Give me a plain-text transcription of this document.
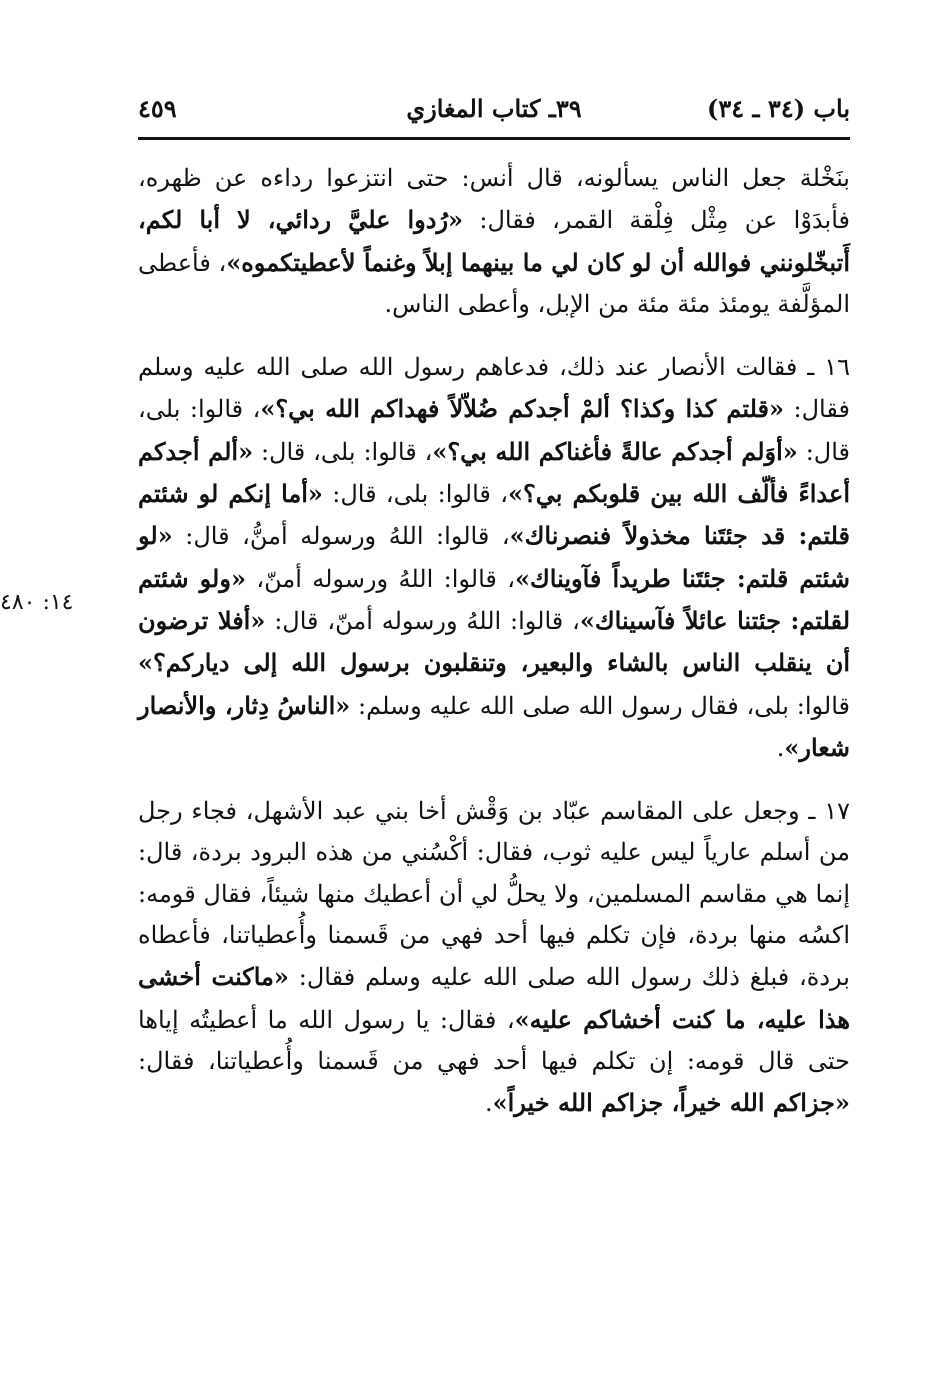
باب (٣٤ ـ ٣٤)
٣٩ـ كتاب المغازي
٤٥٩
١٤: ٤٨٠

بنَخْلة جعل الناس يسألونه، قال أنس: حتى انتزعوا رداءه عن ظهره، فأبدَوْا عن مِثْل فِلْقة القمر، فقال: «رُدوا عليَّ ردائي، لا أبا لكم، أَتبخّلونني فوالله أن لو كان لي ما بينهما إبلاً وغنماً لأعطيتكموه»، فأعطى المؤلَّفة يومئذ مئة مئة من الإبل، وأعطى الناس.

١٦ ـ فقالت الأنصار عند ذلك، فدعاهم رسول الله صلى الله عليه وسلم فقال: «قلتم كذا وكذا؟ ألمْ أجدكم ضُلاّلاً فهداكم الله بي؟»، قالوا: بلى، قال: «أوَلم أجدكم عالةً فأغناكم الله بي؟»، قالوا: بلى، قال: «ألم أجدكم أعداءً فألّف الله بين قلوبكم بي؟»، قالوا: بلى، قال: «أما إنكم لو شئتم قلتم: قد جئتَنا مخذولاً فنصرناك»، قالوا: اللهُ ورسوله أمنُّ، قال: «لو شئتم قلتم: جئتَنا طريداً فآويناك»، قالوا: اللهُ ورسوله أمنّ، «ولو شئتم لقلتم: جئتنا عائلاً فآسيناك»، قالوا: اللهُ ورسوله أمنّ، قال: «أفلا ترضون أن ينقلب الناس بالشاء والبعير، وتنقلبون برسول الله إلى دياركم؟» قالوا: بلى، فقال رسول الله صلى الله عليه وسلم: «الناسُ دِثار، والأنصار شعار».

١٧ ـ وجعل على المقاسم عبّاد بن وَقْش أخا بني عبد الأشهل، فجاء رجل من أسلم عارياً ليس عليه ثوب، فقال: أكْسُني من هذه البرود بردة، قال: إنما هي مقاسم المسلمين، ولا يحلُّ لي أن أعطيك منها شيئاً، فقال قومه: اكسُه منها بردة، فإن تكلم فيها أحد فهي من قَسمنا وأُعطياتنا، فأعطاه بردة، فبلغ ذلك رسول الله صلى الله عليه وسلم فقال: «ماكنت أخشى هذا عليه، ما كنت أخشاكم عليه»، فقال: يا رسول الله ما أعطيتُه إياها حتى قال قومه: إن تكلم فيها أحد فهي من قَسمنا وأُعطياتنا، فقال: «جزاكم الله خيراً، جزاكم الله خيراً».
